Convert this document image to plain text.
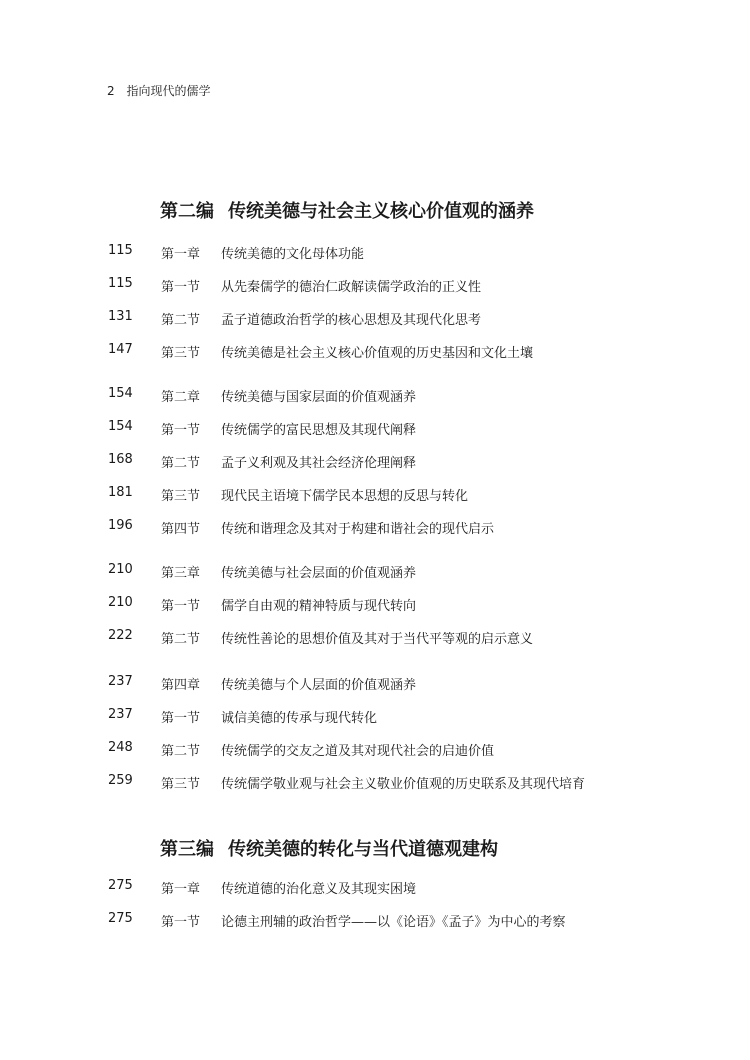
2 指向现代的儒学
第二编 传统美德与社会主义核心价值观的涵养
115 第一章 传统美德的文化母体功能
115 第一节 从先秦儒学的德治仁政解读儒学政治的正义性
131 第二节 孟子道德政治哲学的核心思想及其现代化思考
147 第三节 传统美德是社会主义核心价值观的历史基因和文化土壤
154 第二章 传统美德与国家层面的价值观涵养
154 第一节 传统儒学的富民思想及其现代阐释
168 第二节 孟子义利观及其社会经济伦理阐释
181 第三节 现代民主语境下儒学民本思想的反思与转化
196 第四节 传统和谐理念及其对于构建和谐社会的现代启示
210 第三章 传统美德与社会层面的价值观涵养
210 第一节 儒学自由观的精神特质与现代转向
222 第二节 传统性善论的思想价值及其对于当代平等观的启示意义
237 第四章 传统美德与个人层面的价值观涵养
237 第一节 诚信美德的传承与现代转化
248 第二节 传统儒学的交友之道及其对现代社会的启迪价值
259 第三节 传统儒学敬业观与社会主义敬业价值观的历史联系及其现代培育
第三编 传统美德的转化与当代道德观建构
275 第一章 传统道德的治化意义及其现实困境
275 第一节 论德主刑辅的政治哲学——以《论语》《孟子》为中心的考察
